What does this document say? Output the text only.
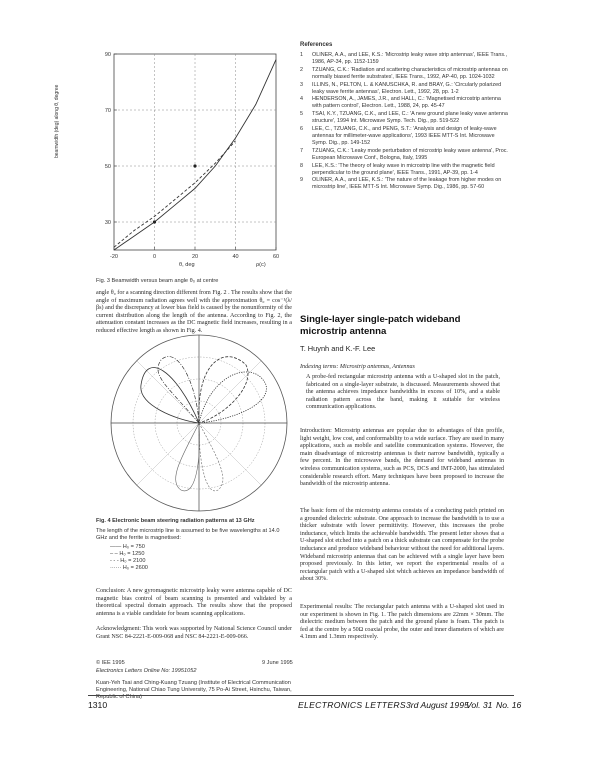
-20	0	20	40	60
90
70
50
30
beamwidth (deg) along θ, degree
θ, deg	ρ(c)
Fig. 3 Beamwidth versus beam angle θ₀ at centre
angle θ₀ for a scanning direction different from Fig. 2 . The results show that the angle of maximum radiation agrees well with the approximation θ₀ = cos⁻¹(λ/βs) and the discrepancy at lower bias field is caused by the nonuniformity of the current distribution along the length of the antenna. According to Fig. 2, the attenuation constant increases as the DC magnetic field increases, resulting in a reduced effective length as shown in Fig. 4.
Fig. 4 Electronic beam steering radiation patterns at 13 GHz
The length of the microstrip line is assumed to be five wavelengths at 14.0 GHz and the ferrite is magnetised:
—— H₀ = 750
– – H₀ = 1250
- - - H₀ = 2100
······ H₀ = 2600
Conclusion: A new gyromagnetic microstrip leaky wave antenna capable of DC magnetic bias control of beam scanning is presented and validated by a theoretical spectral domain approach. The results show that the proposed antenna is a viable candidate for beam scanning applications.
Acknowledgment: This work was supported by National Science Council under Grant NSC 84-2221-E-009-068 and NSC 84-2221-E-009-066.
© IEE 1995	9 June 1995
Electronics Letters Online No: 19951052
Kuan-Yeh Tsai and Ching-Kuang Tzuang (Institute of Electrical Communication Engineering, National Chiao Tung University, 75 Po-Ai Street, Hsinchu, Taiwan, Republic of China)
References
1 OLINER, A.A., and LEE, K.S.: 'Microstrip leaky wave strip antennas', IEEE Trans., 1986, AP-34, pp. 1152-1159
2 TZUANG, C.K.: 'Radiation and scattering characteristics of microstrip antennas on normally biased ferrite substrates', IEEE Trans., 1992, AP-40, pp. 1024-1032
3 ILLINS, N., PELTON, L. & KANUSCHKA, R. and BRAY, G.: 'Circularly polarized leaky wave ferrite antennas', Electron. Lett., 1992, 28, pp. 1-2
4 HENDERSON, A., JAMES, J.R., and HALL, C.: 'Magnetised microstrip antenna with pattern control', Electron. Lett., 1988, 24, pp. 45-47
5 TSAI, K.Y., TZUANG, C.K., and LEE, C.: 'A new ground plane leaky wave antenna structure', 1994 Int. Microwave Symp. Tech. Dig., pp. 519-522
6 LEE, C., TZUANG, C.K., and PENG, S.T.: 'Analysis and design of leaky-wave antennas for millimeter-wave applications', 1993 IEEE MTT-S Int. Microwave Symp. Dig., pp. 149-152
7 TZUANG, C.K.: 'Leaky mode perturbation of microstrip leaky wave antenna', Proc. European Microwave Conf., Bologna, Italy, 1995
8 LEE, K.S.: 'The theory of leaky wave in microstrip line with the magnetic field perpendicular to the ground plane', IEEE Trans., 1991, AP-39, pp. 1-4
9 OLINER, A.A., and LEE, K.S.: 'The nature of the leakage from higher modes on microstrip line', IEEE MTT-S Int. Microwave Symp. Dig., 1986, pp. 57-60
Single-layer single-patch wideband microstrip antenna
T. Huynh and K.-F. Lee
Indexing terms: Microstrip antennas, Antennas
A probe-fed rectangular microstrip antenna with a U-shaped slot in the patch, fabricated on a single-layer substrate, is discussed. Measurements showed that the antenna achieves impedance bandwidths in excess of 10%, and a stable radiation pattern across the band, making it suitable for wireless communication applications.
Introduction: Microstrip antennas are popular due to advantages of thin profile, light weight, low cost, and conformability to a wide surface. They are used in many applications, such as mobile and satellite communication systems. However, the main disadvantage of microstrip antennas is their narrow bandwidth, typically a few percent. In the microwave bands, the demand for wideband antennas in wireless communication systems, such as PCS, DCS and IMT-2000, has stimulated considerable research effort. Many techniques have been proposed to increase the bandwidth of the microstrip antenna.
The basic form of the microstrip antenna consists of a conducting patch printed on a grounded dielectric substrate. One approach to increase the bandwidth is to use a thicker substrate with lower permittivity. However, this increases the probe inductance, which limits the achievable bandwidth. The present letter shows that a U-shaped slot etched into a patch on a thick substrate can compensate for the probe inductance and produce wideband behaviour without the need for additional layers. Wideband microstrip antennas that can be achieved with a single layer have been proposed previously. In this letter, we report the experimental results of a rectangular patch with a U-shaped slot which achieves an impedance bandwidth of about 30%.
Experimental results: The rectangular patch antenna with a U-shaped slot used in our experiment is shown in Fig. 1. The patch dimensions are 22mm × 30mm. The dielectric medium between the patch and the ground plane is foam. The patch is fed at the centre by a 50Ω coaxial probe, the outer and inner diameters of which are 4.1mm and 1.3mm respectively.
1310	ELECTRONICS LETTERS 3rd August 1995
Vol. 31 No. 16
